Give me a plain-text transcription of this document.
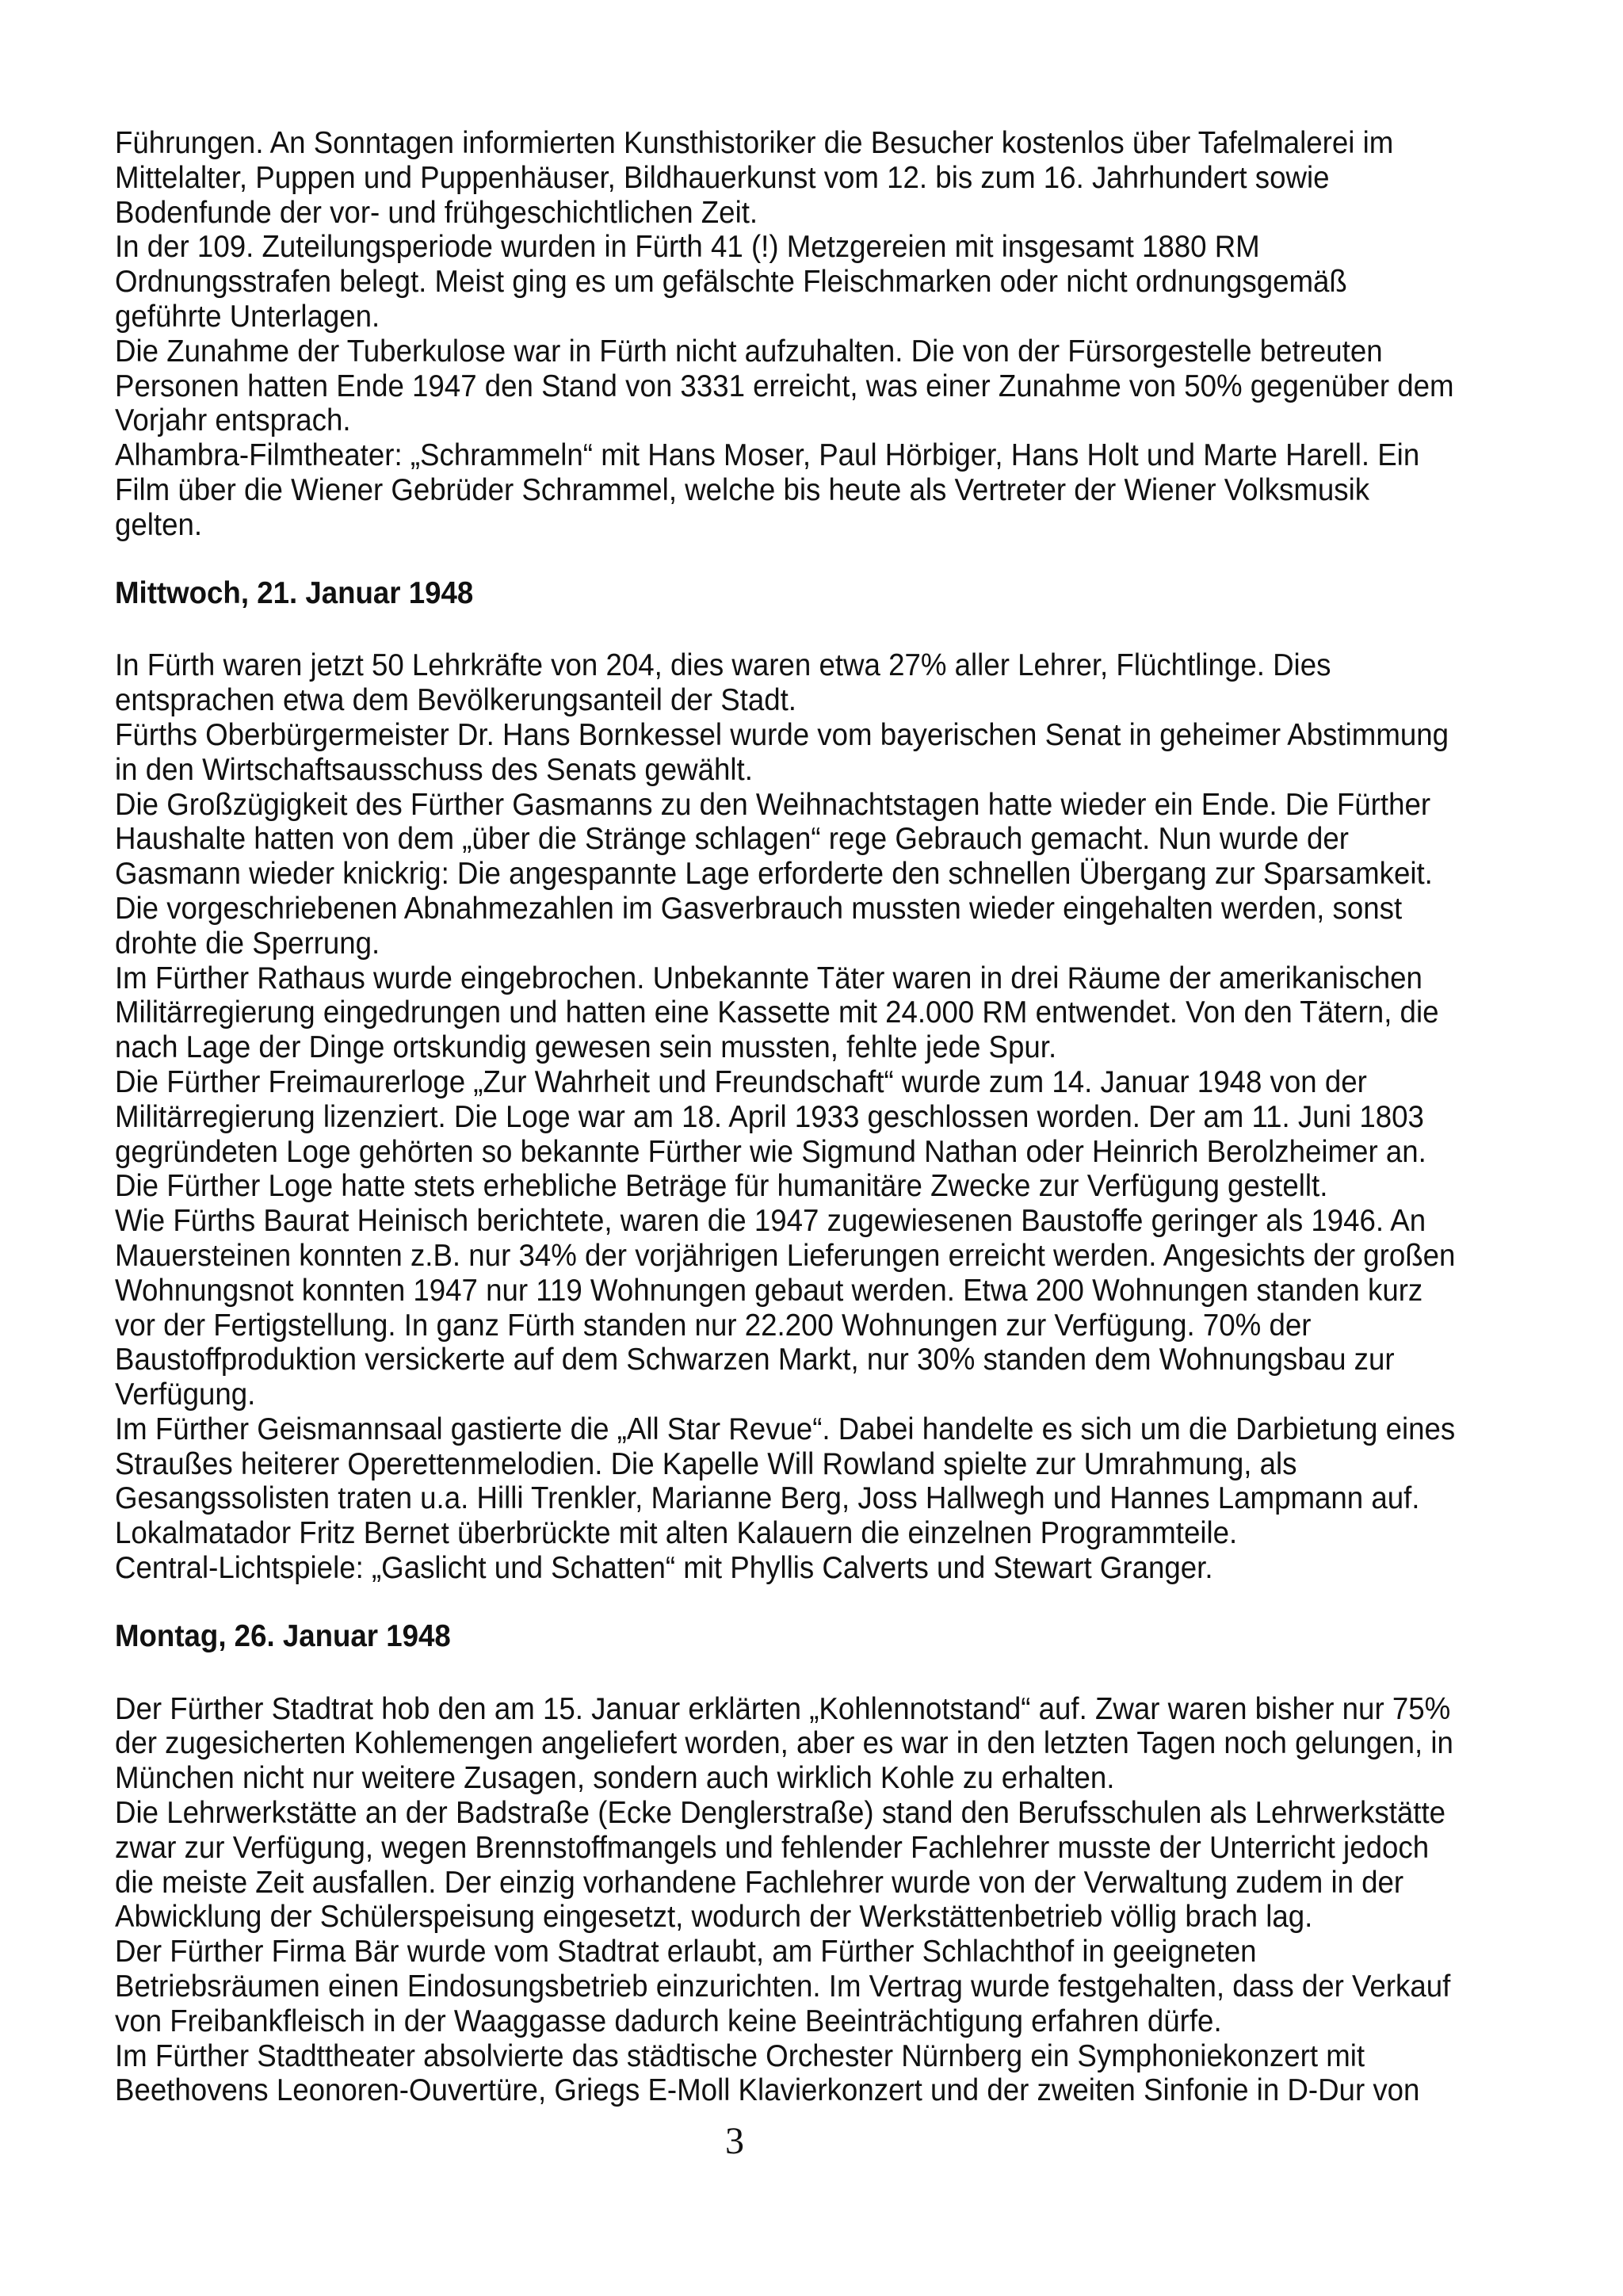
Führungen. An Sonntagen informierten Kunsthistoriker die Besucher kostenlos über Tafelmalerei im
Mittelalter, Puppen und Puppenhäuser, Bildhauerkunst vom 12. bis zum 16. Jahrhundert sowie
Bodenfunde der vor- und frühgeschichtlichen Zeit.

In der 109. Zuteilungsperiode wurden in Fürth 41 (!) Metzgereien mit insgesamt 1880 RM
Ordnungsstrafen belegt. Meist ging es um gefälschte Fleischmarken oder nicht ordnungsgemäß
geführte Unterlagen.

Die Zunahme der Tuberkulose war in Fürth nicht aufzuhalten. Die von der Fürsorgestelle betreuten
Personen hatten Ende 1947 den Stand von 3331 erreicht, was einer Zunahme von 50% gegenüber dem
Vorjahr entsprach.

Alhambra-Filmtheater: „Schrammeln“ mit Hans Moser, Paul Hörbiger, Hans Holt und Marte Harell. Ein
Film über die Wiener Gebrüder Schrammel, welche bis heute als Vertreter der Wiener Volksmusik
gelten.

Mittwoch, 21. Januar 1948

In Fürth waren jetzt 50 Lehrkräfte von 204, dies waren etwa 27% aller Lehrer, Flüchtlinge. Dies
entsprachen etwa dem Bevölkerungsanteil der Stadt.

Fürths Oberbürgermeister Dr. Hans Bornkessel wurde vom bayerischen Senat in geheimer Abstimmung
in den Wirtschaftsausschuss des Senats gewählt.

Die Großzügigkeit des Fürther Gasmanns zu den Weihnachtstagen hatte wieder ein Ende. Die Fürther
Haushalte hatten von dem „über die Stränge schlagen“ rege Gebrauch gemacht. Nun wurde der
Gasmann wieder knickrig: Die angespannte Lage erforderte den schnellen Übergang zur Sparsamkeit.
Die vorgeschriebenen Abnahmezahlen im Gasverbrauch mussten wieder eingehalten werden, sonst
drohte die Sperrung.

Im Fürther Rathaus wurde eingebrochen. Unbekannte Täter waren in drei Räume der amerikanischen
Militärregierung eingedrungen und hatten eine Kassette mit 24.000 RM entwendet. Von den Tätern, die
nach Lage der Dinge ortskundig gewesen sein mussten, fehlte jede Spur.

Die Fürther Freimaurerloge „Zur Wahrheit und Freundschaft“ wurde zum 14. Januar 1948 von der
Militärregierung lizenziert. Die Loge war am 18. April 1933 geschlossen worden. Der am 11. Juni 1803
gegründeten Loge gehörten so bekannte Fürther wie Sigmund Nathan oder Heinrich Berolzheimer an.
Die Fürther Loge hatte stets erhebliche Beträge für humanitäre Zwecke zur Verfügung gestellt.

Wie Fürths Baurat Heinisch berichtete, waren die 1947 zugewiesenen Baustoffe geringer als 1946. An
Mauersteinen konnten z.B. nur 34% der vorjährigen Lieferungen erreicht werden. Angesichts der großen
Wohnungsnot konnten 1947 nur 119 Wohnungen gebaut werden. Etwa 200 Wohnungen standen kurz
vor der Fertigstellung. In ganz Fürth standen nur 22.200 Wohnungen zur Verfügung. 70% der
Baustoffproduktion versickerte auf dem Schwarzen Markt, nur 30% standen dem Wohnungsbau zur
Verfügung.

Im Fürther Geismannsaal gastierte die „All Star Revue“. Dabei handelte es sich um die Darbietung eines
Straußes heiterer Operettenmelodien. Die Kapelle Will Rowland spielte zur Umrahmung, als
Gesangssolisten traten u.a. Hilli Trenkler, Marianne Berg, Joss Hallwegh und Hannes Lampmann auf.
Lokalmatador Fritz Bernet überbrückte mit alten Kalauern die einzelnen Programmteile.

Central-Lichtspiele: „Gaslicht und Schatten“ mit Phyllis Calverts und Stewart Granger.

Montag, 26. Januar 1948

Der Fürther Stadtrat hob den am 15. Januar erklärten „Kohlennotstand“ auf. Zwar waren bisher nur 75%
der zugesicherten Kohlemengen angeliefert worden, aber es war in den letzten Tagen noch gelungen, in
München nicht nur weitere Zusagen, sondern auch wirklich Kohle zu erhalten.

Die Lehrwerkstätte an der Badstraße (Ecke Denglerstraße) stand den Berufsschulen als Lehrwerkstätte
zwar zur Verfügung, wegen Brennstoffmangels und fehlender Fachlehrer musste der Unterricht jedoch
die meiste Zeit ausfallen. Der einzig vorhandene Fachlehrer wurde von der Verwaltung zudem in der
Abwicklung der Schülerspeisung eingesetzt, wodurch der Werkstättenbetrieb völlig brach lag.

Der Fürther Firma Bär wurde vom Stadtrat erlaubt, am Fürther Schlachthof in geeigneten
Betriebsräumen einen Eindosungsbetrieb einzurichten. Im Vertrag wurde festgehalten, dass der Verkauf
von Freibankfleisch in der Waaggasse dadurch keine Beeinträchtigung erfahren dürfe.

Im Fürther Stadttheater absolvierte das städtische Orchester Nürnberg ein Symphoniekonzert mit
Beethovens Leonoren-Ouvertüre, Griegs E-Moll Klavierkonzert und der zweiten Sinfonie in D-Dur von

3
